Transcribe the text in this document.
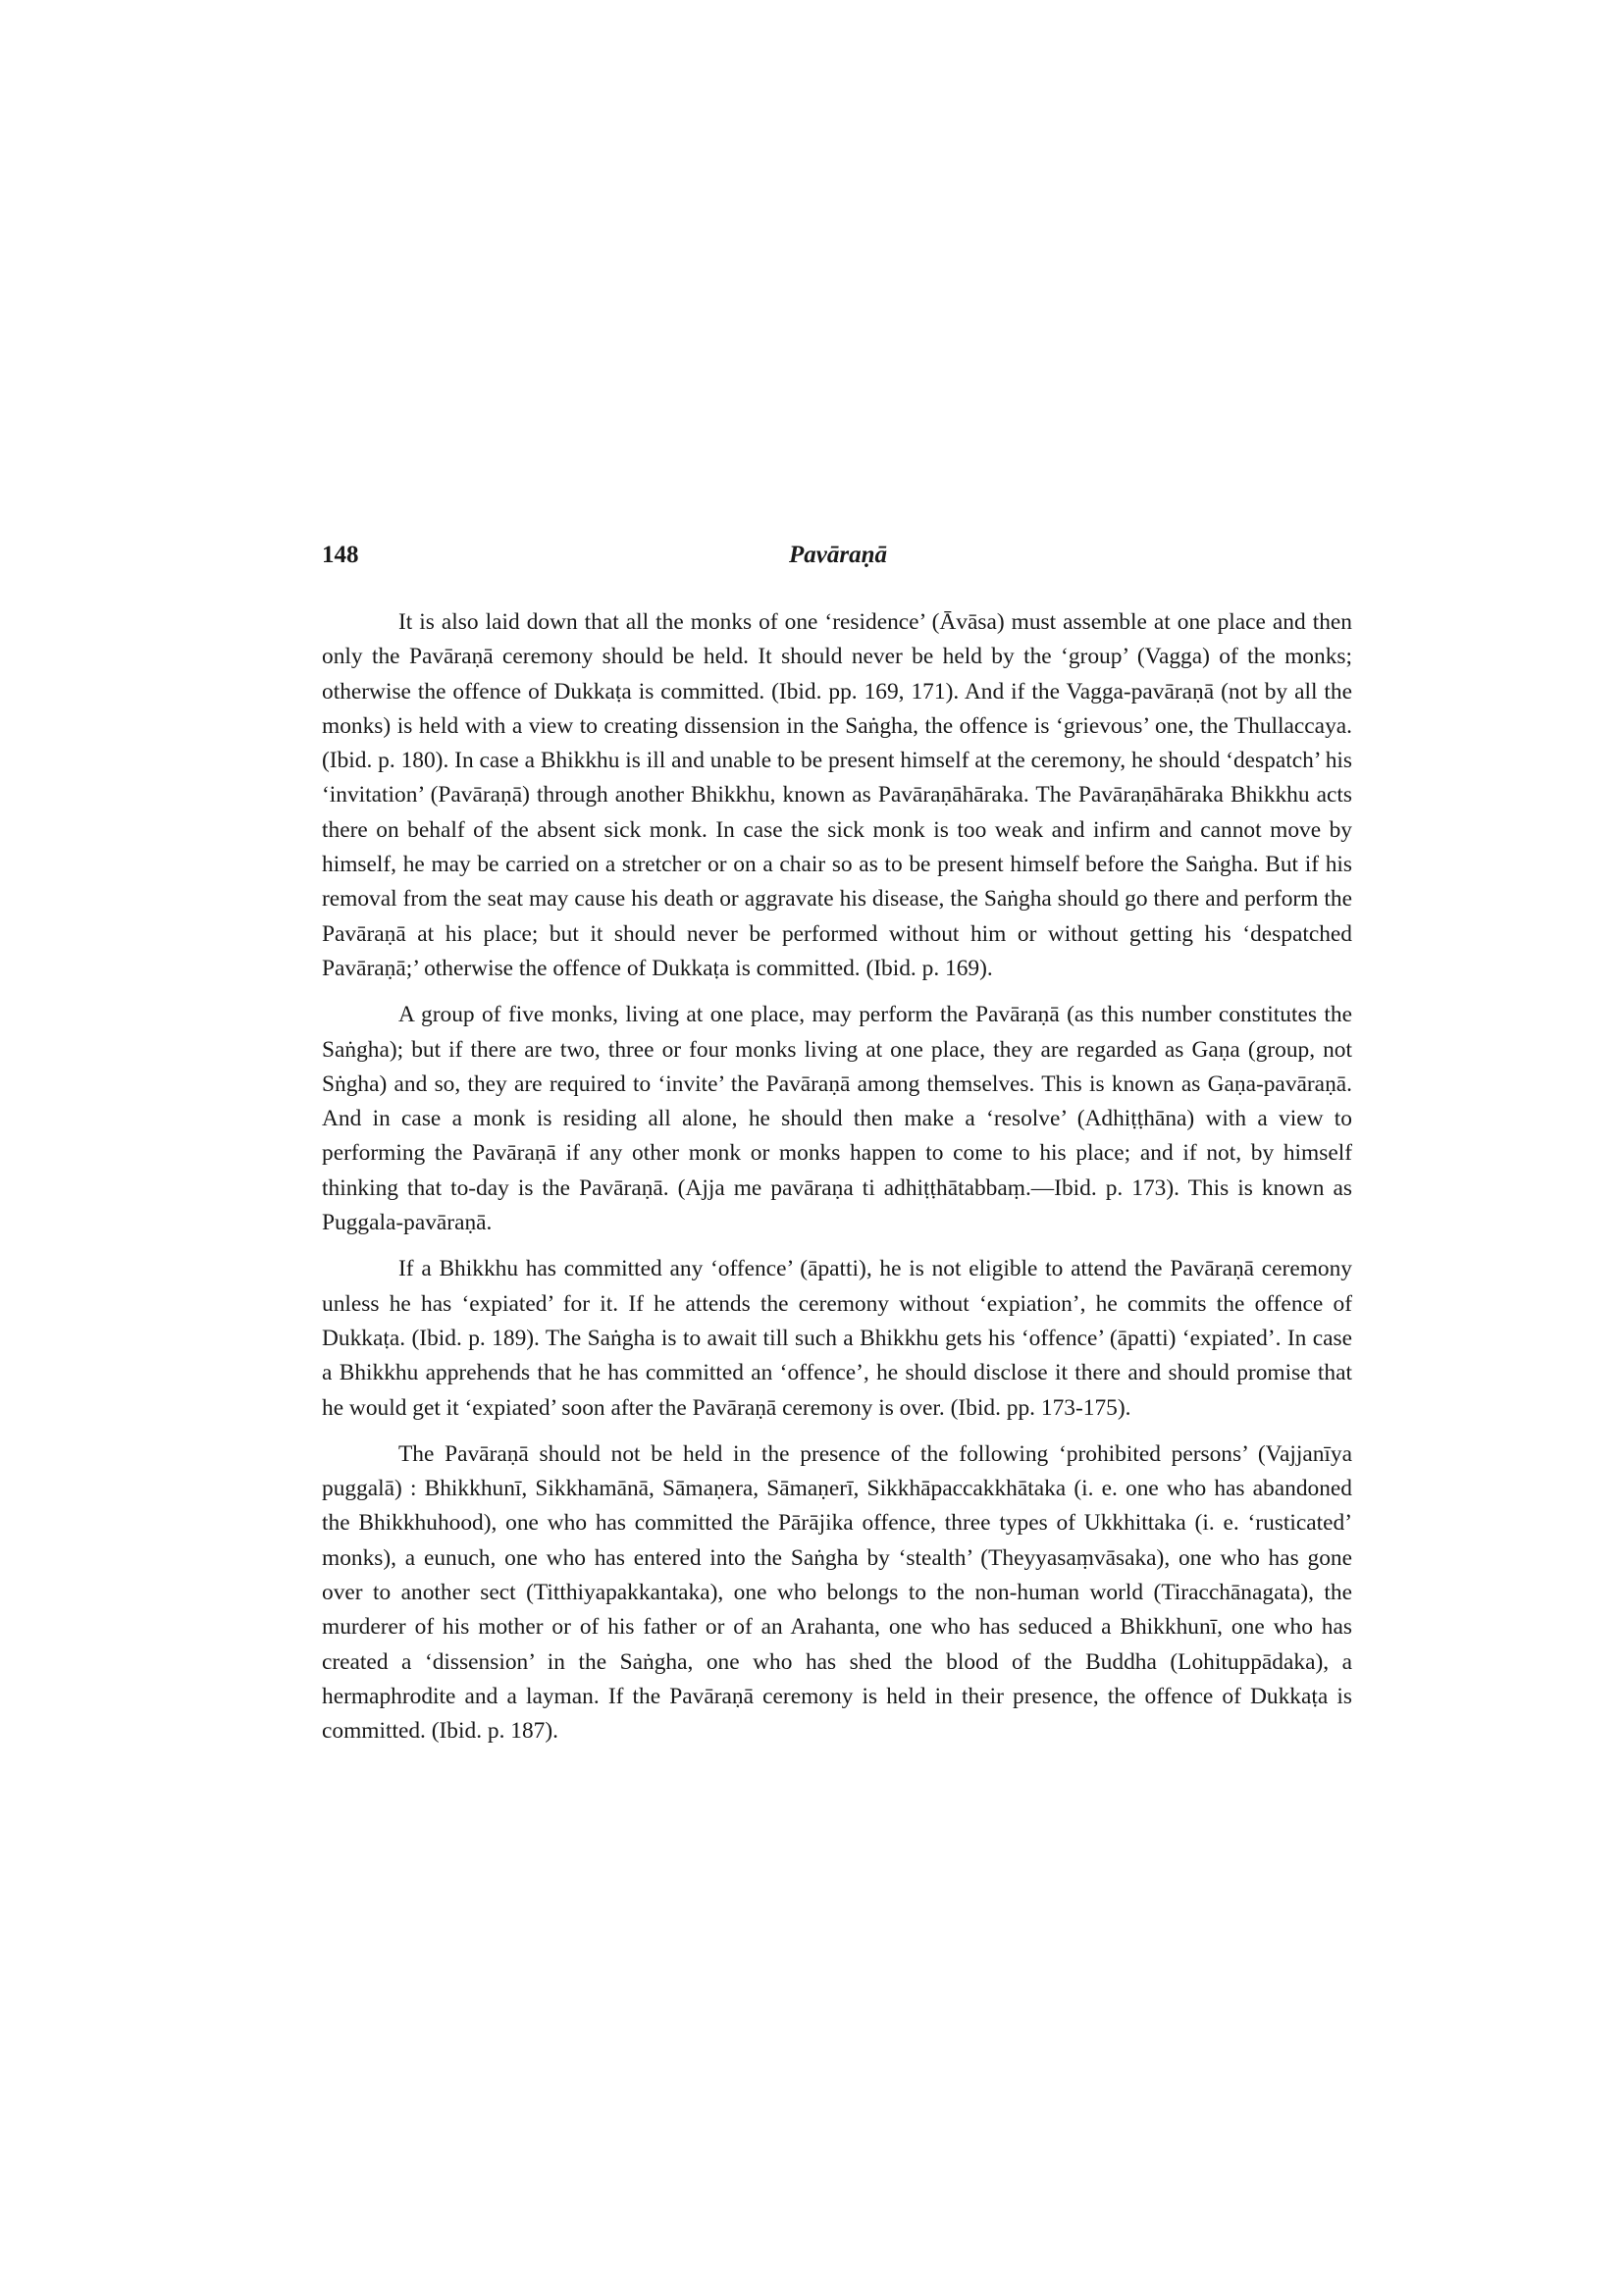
148	Pavāraṇā

It is also laid down that all the monks of one ‘residence’ (Āvāsa) must assemble at one place and then only the Pavāraṇā ceremony should be held. It should never be held by the ‘group’ (Vagga) of the monks; otherwise the offence of Dukkaṭa is committed. (Ibid. pp. 169, 171). And if the Vagga-pavāraṇā (not by all the monks) is held with a view to creating dissension in the Saṅgha, the offence is ‘grievous’ one, the Thullaccaya. (Ibid. p. 180). In case a Bhikkhu is ill and unable to be present himself at the ceremony, he should ‘despatch’ his ‘invitation’ (Pavāraṇā) through another Bhikkhu, known as Pavāraṇāhāraka. The Pavāraṇāhāraka Bhikkhu acts there on behalf of the absent sick monk. In case the sick monk is too weak and infirm and cannot move by himself, he may be carried on a stretcher or on a chair so as to be present himself before the Saṅgha. But if his removal from the seat may cause his death or aggravate his disease, the Saṅgha should go there and perform the Pavāraṇā at his place; but it should never be performed without him or without getting his ‘despatched Pavāraṇā;’ otherwise the offence of Dukkaṭa is committed. (Ibid. p. 169).

A group of five monks, living at one place, may perform the Pavāraṇā (as this number constitutes the Saṅgha); but if there are two, three or four monks living at one place, they are regarded as Gaṇa (group, not Sṅgha) and so, they are required to ‘invite’ the Pavāraṇā among themselves. This is known as Gaṇa-pavāraṇā. And in case a monk is residing all alone, he should then make a ‘resolve’ (Adhiṭṭhāna) with a view to performing the Pavāraṇā if any other monk or monks happen to come to his place; and if not, by himself thinking that to-day is the Pavāraṇā. (Ajja me pavāraṇa ti adhiṭṭhātabbaṃ.—Ibid. p. 173). This is known as Puggala-pavāraṇā.

If a Bhikkhu has committed any ‘offence’ (āpatti), he is not eligible to attend the Pavāraṇā ceremony unless he has ‘expiated’ for it. If he attends the ceremony without ‘expiation’, he commits the offence of Dukkaṭa. (Ibid. p. 189). The Saṅgha is to await till such a Bhikkhu gets his ‘offence’ (āpatti) ‘expiated’. In case a Bhikkhu apprehends that he has committed an ‘offence’, he should disclose it there and should promise that he would get it ‘expiated’ soon after the Pavāraṇā ceremony is over. (Ibid. pp. 173-175).

The Pavāraṇā should not be held in the presence of the following ‘prohibited persons’ (Vajjanīya puggalā) : Bhikkhunī, Sikkhamānā, Sāmaṇera, Sāmaṇerī, Sikkhāpaccakkhātaka (i. e. one who has abandoned the Bhikkhuhood), one who has committed the Pārājika offence, three types of Ukkhittaka (i. e. ‘rusticated’ monks), a eunuch, one who has entered into the Saṅgha by ‘stealth’ (Theyyasaṃvāsaka), one who has gone over to another sect (Titthiyapakkantaka), one who belongs to the non-human world (Tiracchānagata), the murderer of his mother or of his father or of an Arahanta, one who has seduced a Bhikkhunī, one who has created a ‘dissension’ in the Saṅgha, one who has shed the blood of the Buddha (Lohituppādaka), a hermaphrodite and a layman. If the Pavāraṇā ceremony is held in their presence, the offence of Dukkaṭa is committed. (Ibid. p. 187).
